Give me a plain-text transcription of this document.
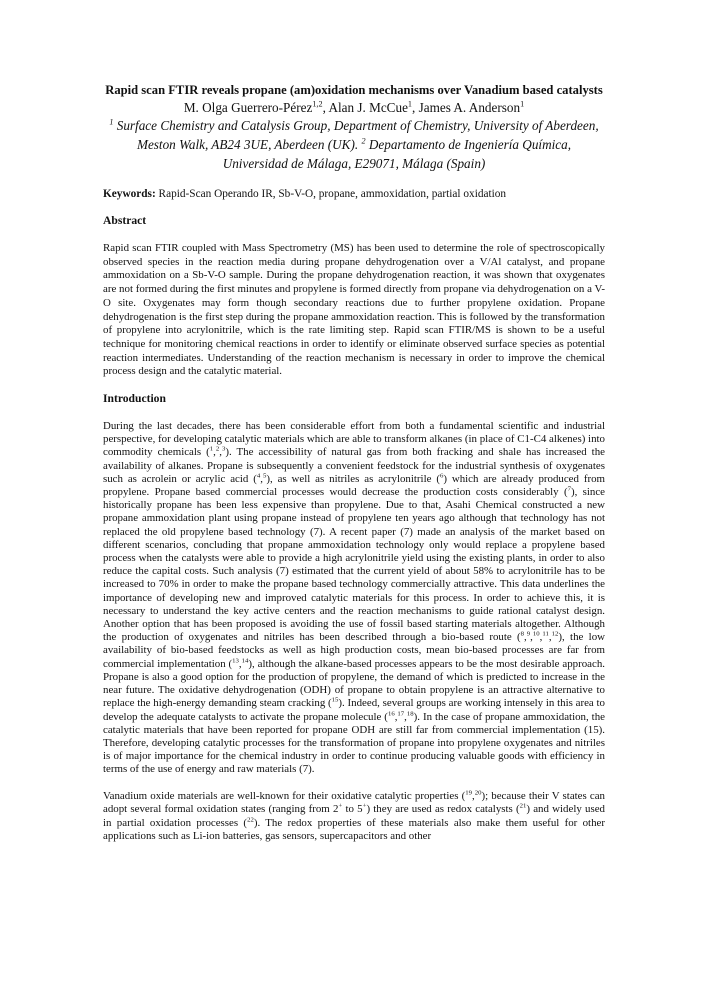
Rapid scan FTIR reveals propane (am)oxidation mechanisms over Vanadium based catalysts
M. Olga Guerrero-Pérez$^{1,2}$, Alan J. McCue$^1$, James A. Anderson$^1$
$^1$ Surface Chemistry and Catalysis Group, Department of Chemistry, University of Aberdeen, Meston Walk, AB24 3UE, Aberdeen (UK). $^2$ Departamento de Ingeniería Química, Universidad de Málaga, E29071, Málaga (Spain)
Keywords: Rapid-Scan Operando IR, Sb-V-O, propane, ammoxidation, partial oxidation
Abstract

Rapid scan FTIR coupled with Mass Spectrometry (MS) has been used to determine the role of spectroscopically observed species in the reaction media during propane dehydrogenation over a V/Al catalyst, and propane ammoxidation on a Sb-V-O sample. During the propane dehydrogenation reaction, it was shown that oxygenates are not formed during the first minutes and propylene is formed directly from propane via dehydrogenation on a V-O site. Oxygenates may form though secondary reactions due to further propylene oxidation. Propane dehydrogenation is the first step during the propane ammoxidation reaction. This is followed by the transformation of propylene into acrylonitrile, which is the rate limiting step. Rapid scan FTIR/MS is shown to be a useful technique for monitoring chemical reactions in order to identify or eliminate observed surface species as potential reaction intermediates. Understanding of the reaction mechanism is necessary in order to improve the chemical process design and the catalytic material.

Introduction

During the last decades, there has been considerable effort from both a fundamental scientific and industrial perspective, for developing catalytic materials which are able to transform alkanes (in place of C1-C4 alkenes) into commodity chemicals ($^1$,$^2$,$^3$). The accessibility of natural gas from both fracking and shale has increased the availability of alkanes. Propane is subsequently a convenient feedstock for the industrial synthesis of oxygenates such as acrolein or acrylic acid ($^4$,$^5$), as well as nitriles as acrylonitrile ($^6$) which are already produced from propylene. Propane based commercial processes would decrease the production costs considerably ($^7$), since historically propane has been less expensive than propylene. Due to that, Asahi Chemical constructed a new propane ammoxidation plant using propane instead of propylene ten years ago although that technology has not replaced the old propylene based technology (7). A recent paper (7) made an analysis of the market based on different scenarios, concluding that propane ammoxidation technology only would replace a propylene based process when the catalysts were able to provide a high acrylonitrile yield using the existing plants, in order to also reduce the capital costs. Such analysis (7) estimated that the current yield of about 58% to acrylonitrile has to be increased to 70% in order to make the propane based technology commercially attractive. This data underlines the importance of developing new and improved catalytic materials for this process. In order to achieve this, it is necessary to understand the key active centers and the reaction mechanisms to guide rational catalyst design. Another option that has been proposed is avoiding the use of fossil based starting materials altogether. Although the production of oxygenates and nitriles has been described through a bio-based route ($^8$,$^9$,$^{10}$,$^{11}$,$^{12}$), the low availability of bio-based feedstocks as well as high production costs, mean bio-based processes are far from commercial implementation ($^{13}$,$^{14}$), although the alkane-based processes appears to be the most desirable approach. Propane is also a good option for the production of propylene, the demand of which is predicted to increase in the near future. The oxidative dehydrogenation (ODH) of propane to obtain propylene is an attractive alternative to replace the high-energy demanding steam cracking ($^{15}$). Indeed, several groups are working intensely in this area to develop the adequate catalysts to activate the propane molecule ($^{16}$,$^{17}$,$^{18}$). In the case of propane ammoxidation, the catalytic materials that have been reported for propane ODH are still far from commercial implementation (15). Therefore, developing catalytic processes for the transformation of propane into propylene oxygenates and nitriles is of major importance for the chemical industry in order to continue producing valuable goods with efficiency in terms of the use of energy and raw materials (7).

Vanadium oxide materials are well-known for their oxidative catalytic properties ($^{19}$,$^{20}$); because their V states can adopt several formal oxidation states (ranging from 2+ to 5+) they are used as redox catalysts ($^{21}$) and widely used in partial oxidation processes ($^{22}$). The redox properties of these materials also make them useful for other applications such as Li-ion batteries, gas sensors, supercapacitors and other
